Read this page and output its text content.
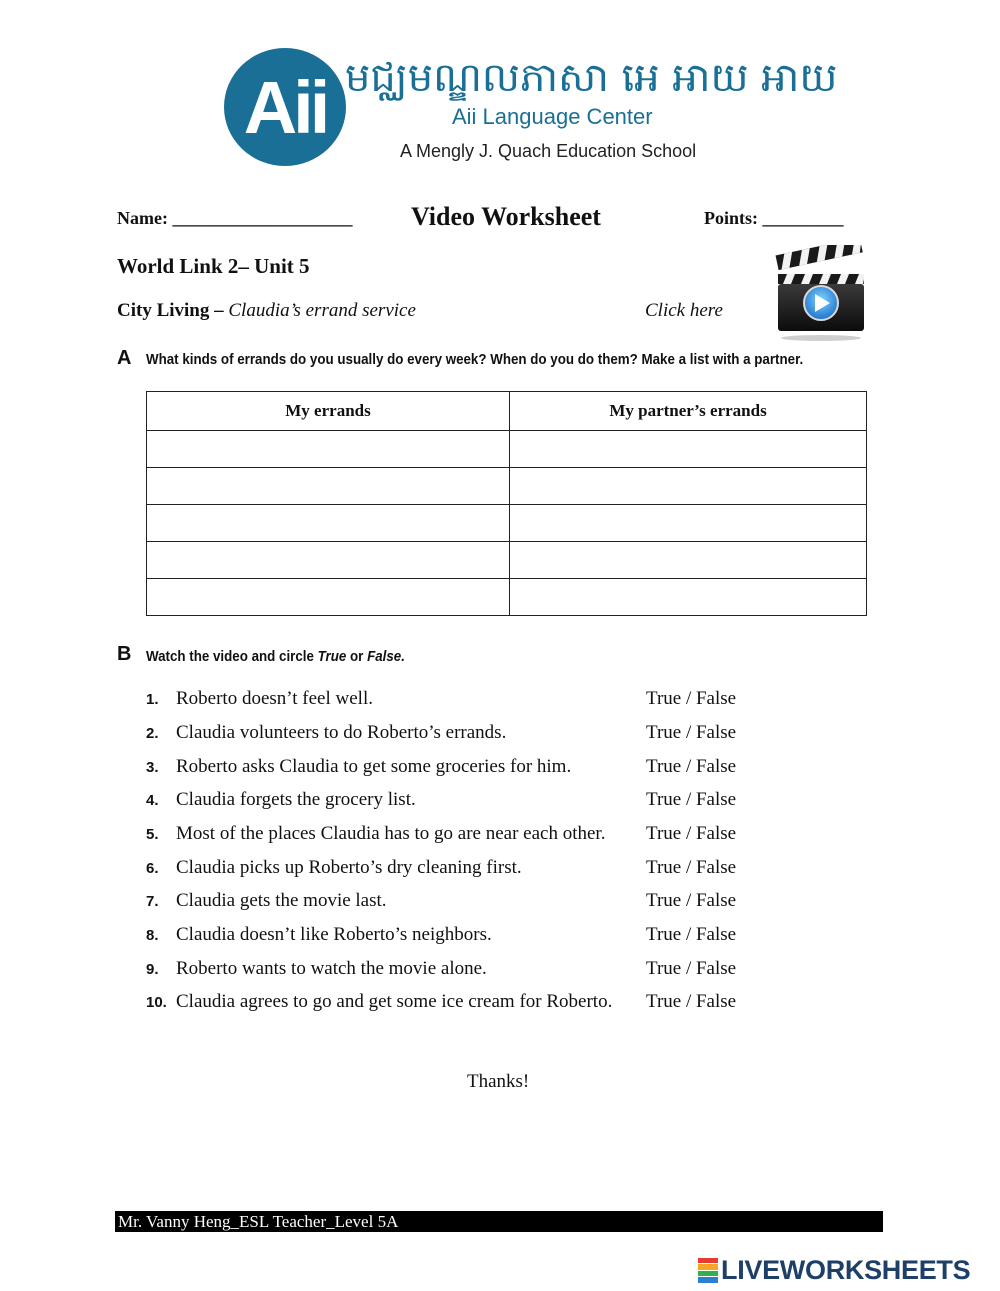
Aii មជ្ឈមណ្ឌលភាសា អេ អាយ អាយ
Aii Language Center
A Mengly J. Quach Education School
Name: ____________________ Video Worksheet	Points: _________
World Link 2– Unit 5
City Living – Claudia’s errand service	Click here
A What kinds of errands do you usually do every week? When do you do them? Make a list with a partner.
My errands	My partner’s errands

B Watch the video and circle True or False.
1. Roberto doesn’t feel well.	True / False
2. Claudia volunteers to do Roberto’s errands.	True / False
3. Roberto asks Claudia to get some groceries for him.	True / False
4. Claudia forgets the grocery list.	True / False
5. Most of the places Claudia has to go are near each other. True / False
6. Claudia picks up Roberto’s dry cleaning first.	True / False
7. Claudia gets the movie last.	True / False
8. Claudia doesn’t like Roberto’s neighbors.	True / False
9. Roberto wants to watch the movie alone.	True / False
10. Claudia agrees to go and get some ice cream for Roberto. True / False
Thanks!
Mr. Vanny Heng_ESL Teacher_Level 5A
LIVEWORKSHEETS
